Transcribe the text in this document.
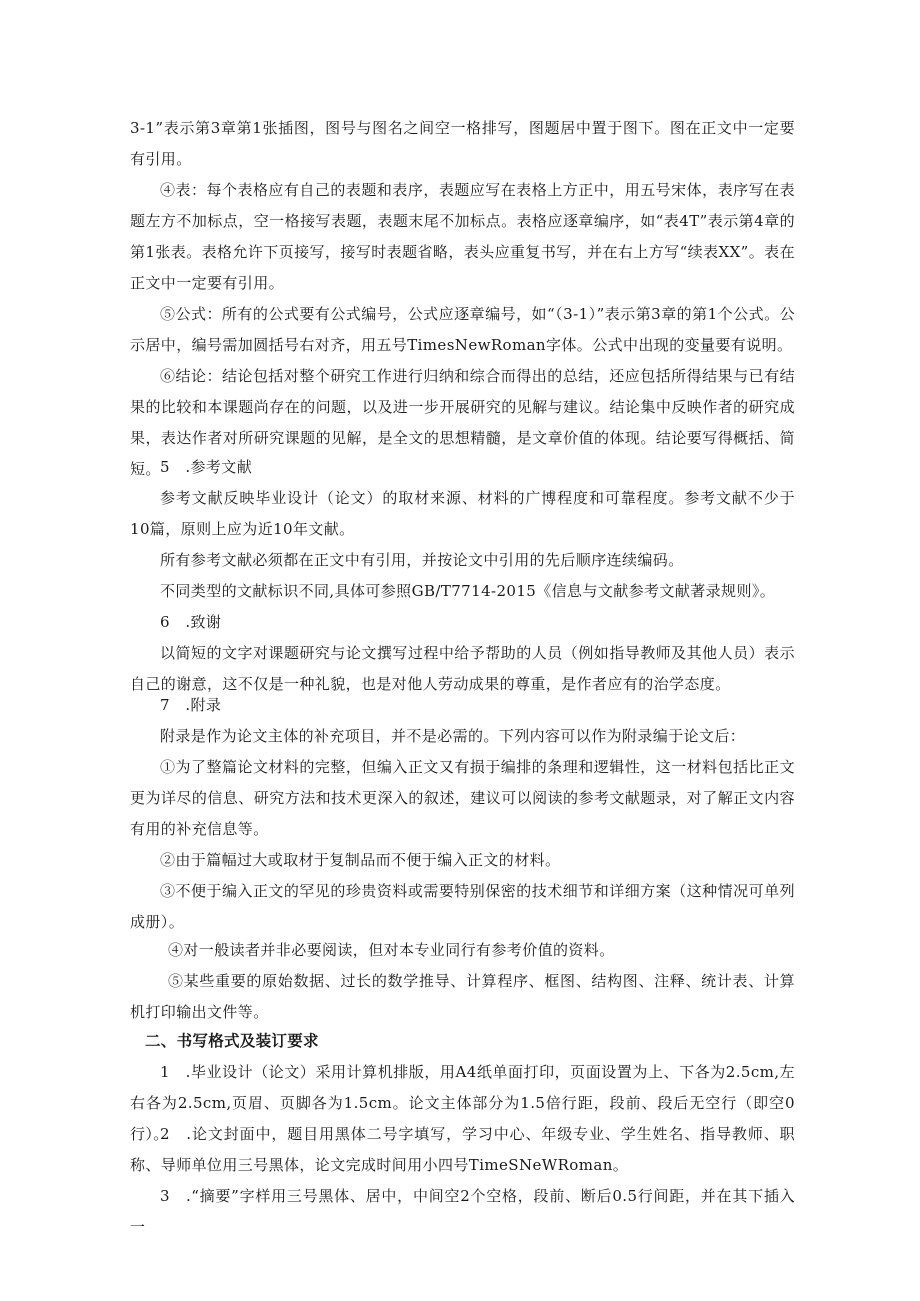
3-1”表示第3章第1张插图，图号与图名之间空一格排写，图题居中置于图下。图在正文中一定要有引用。

④表：每个表格应有自己的表题和表序，表题应写在表格上方正中，用五号宋体，表序写在表题左方不加标点，空一格接写表题，表题末尾不加标点。表格应逐章编序，如“表4T”表示第4章的第1张表。表格允许下页接写，接写时表题省略，表头应重复书写，并在右上方写“续表XX”。表在正文中一定要有引用。

⑤公式：所有的公式要有公式编号，公式应逐章编号，如“（3-1）”表示第3章的第1个公式。公示居中，编号需加圆括号右对齐，用五号TimesNewRoman字体。公式中出现的变量要有说明。

⑥结论：结论包括对整个研究工作进行归纳和综合而得出的总结，还应包括所得结果与已有结果的比较和本课题尚存在的问题，以及进一步开展研究的见解与建议。结论集中反映作者的研究成果，表达作者对所研究课题的见解，是全文的思想精髓，是文章价值的体现。结论要写得概括、简短。 5　.参考文献

参考文献反映毕业设计（论文）的取材来源、材料的广博程度和可靠程度。参考文献不少于10篇，原则上应为近10年文献。

所有参考文献必须都在正文中有引用，并按论文中引用的先后顺序连续编码。

不同类型的文献标识不同,具体可参照GB/T7714-2015《信息与文献参考文献著录规则》。

6　.致谢

以简短的文字对课题研究与论文撰写过程中给予帮助的人员（例如指导教师及其他人员）表示自己的谢意，这不仅是一种礼貌，也是对他人劳动成果的尊重，是作者应有的治学态度。

7　.附录

附录是作为论文主体的补充项目，并不是必需的。下列内容可以作为附录编于论文后：

①为了整篇论文材料的完整，但编入正文又有损于编排的条理和逻辑性，这一材料包括比正文更为详尽的信息、研究方法和技术更深入的叙述，建议可以阅读的参考文献题录，对了解正文内容有用的补充信息等。

②由于篇幅过大或取材于复制品而不便于编入正文的材料。

③不便于编入正文的罕见的珍贵资料或需要特别保密的技术细节和详细方案（这种情况可单列成册）。

④对一般读者并非必要阅读，但对本专业同行有参考价值的资料。

⑤某些重要的原始数据、过长的数学推导、计算程序、框图、结构图、注释、统计表、计算机打印输出文件等。

二、书写格式及装订要求

1　.毕业设计（论文）采用计算机排版，用A4纸单面打印，页面设置为上、下各为2.5cm,左右各为2.5cm,页眉、页脚各为1.5cm。论文主体部分为1.5倍行距，段前、段后无空行（即空0行）。

2　.论文封面中，题目用黑体二号字填写，学习中心、年级专业、学生姓名、指导教师、职称、导师单位用三号黑体，论文完成时间用小四号TimeSNeWRoman。

3　.“摘要”字样用三号黑体、居中，中间空2个空格，段前、断后0.5行间距，并在其下插入一
